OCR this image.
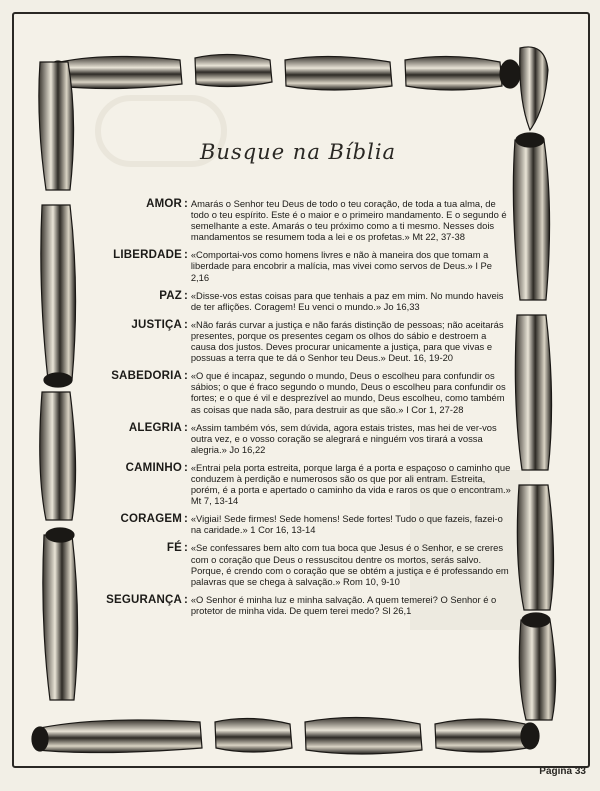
Busque na Bíblia
AMOR : Amarás o Senhor teu Deus de todo o teu coração, de toda a tua alma, de todo o teu espírito. Este é o maior e o primeiro mandamento. E o segundo é semelhante a este. Amarás o teu próximo como a ti mesmo. Nesses dois mandamentos se resumem toda a lei e os profetas.» Mt 22, 37-38
LIBERDADE : «Comportai-vos como homens livres e não à maneira dos que tomam a liberdade para encobrir a malícia, mas vivei como servos de Deus.» I Pe 2,16
PAZ : «Disse-vos estas coisas para que tenhais a paz em mim. No mundo haveis de ter aflições. Coragem! Eu venci o mundo.» Jo 16,33
JUSTIÇA : «Não farás curvar a justiça e não farás distinção de pessoas; não aceitarás presentes, porque os presentes cegam os olhos do sábio e destroem a causa dos justos. Deves procurar unicamente a justiça, para que vivas e possuas a terra que te dá o Senhor teu Deus.» Deut. 16, 19-20
SABEDORIA : «O que é incapaz, segundo o mundo, Deus o escolheu para confundir os sábios; o que é fraco segundo o mundo, Deus o escolheu para confundir os fortes; e o que é vil e desprezível ao mundo, Deus escolheu, como também as coisas que nada são, para destruir as que são.» I Cor 1, 27-28
ALEGRIA : «Assim também vós, sem dúvida, agora estais tristes, mas hei de ver-vos outra vez, e o vosso coração se alegrará e ninguém vos tirará a vossa alegria.» Jo 16,22
CAMINHO : «Entrai pela porta estreita, porque larga é a porta e espaçoso o caminho que conduzem à perdição e numerosos são os que por ali entram. Estreita, porém, é a porta e apertado o caminho da vida e raros os que o encontram.» Mt 7, 13-14
CORAGEM : «Vigiai! Sede firmes! Sede homens! Sede fortes! Tudo o que fazeis, fazei-o na caridade.» 1 Cor 16, 13-14
FÉ : «Se confessares bem alto com tua boca que Jesus é o Senhor, e se creres com o coração que Deus o ressuscitou dentre os mortos, serás salvo. Porque, é crendo com o coração que se obtém a justiça e é professando em palavras que se chega à salvação.» Rom 10, 9-10
SEGURANÇA : «O Senhor é minha luz e minha salvação. A quem temerei? O Senhor é o protetor de minha vida. De quem terei medo? Sl 26,1
Página 33
